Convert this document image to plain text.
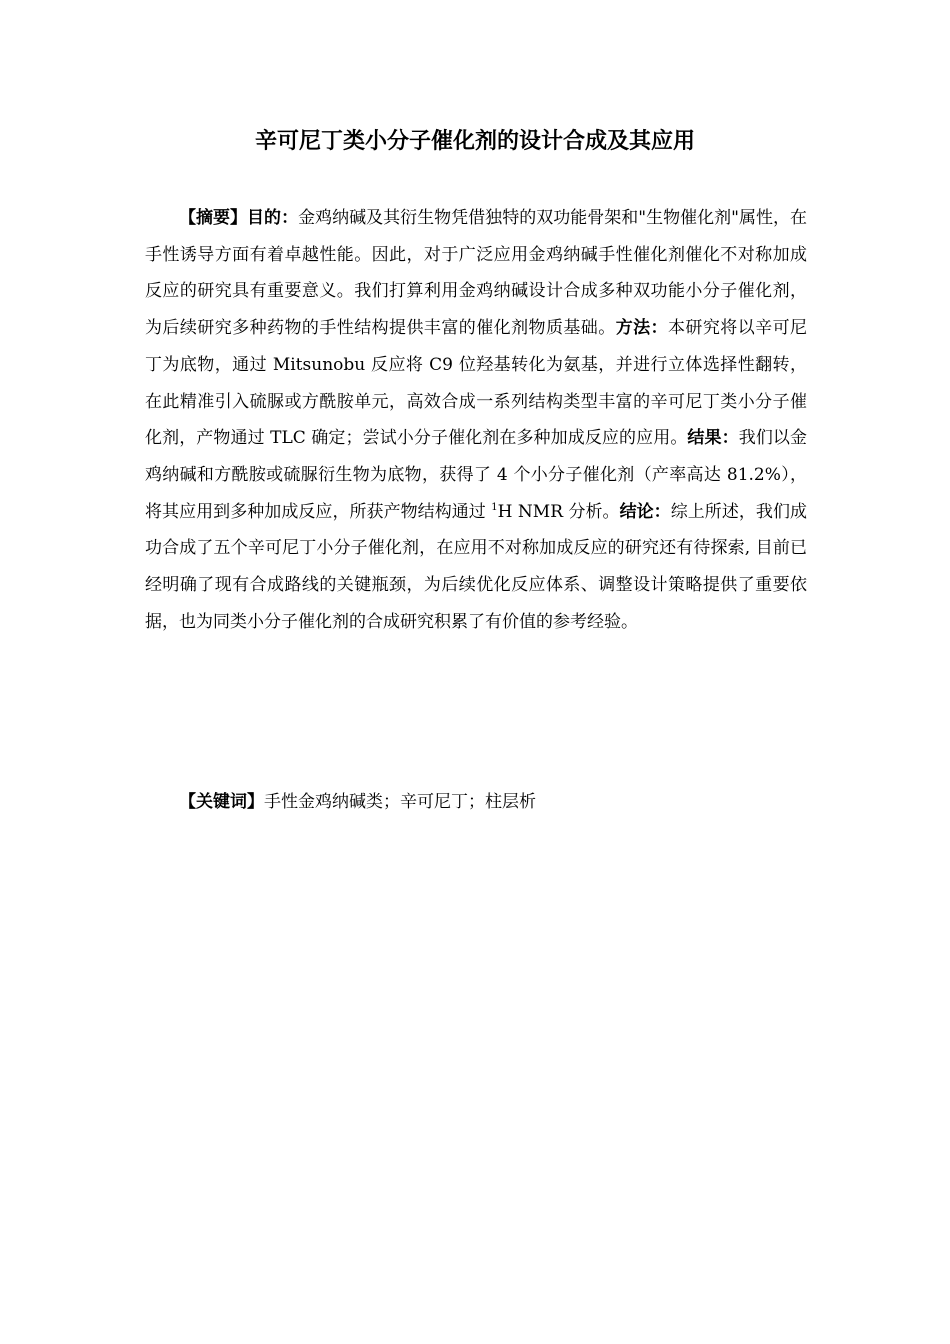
辛可尼丁类小分子催化剂的设计合成及其应用

【摘要】目的：金鸡纳碱及其衍生物凭借独特的双功能骨架和"生物催化剂"属性，在手性诱导方面有着卓越性能。因此，对于广泛应用金鸡纳碱手性催化剂催化不对称加成反应的研究具有重要意义。我们打算利用金鸡纳碱设计合成多种双功能小分子催化剂，为后续研究多种药物的手性结构提供丰富的催化剂物质基础。方法：本研究将以辛可尼丁为底物，通过 Mitsunobu 反应将 C9 位羟基转化为氨基，并进行立体选择性翻转，在此精准引入硫脲或方酰胺单元，高效合成一系列结构类型丰富的辛可尼丁类小分子催化剂，产物通过 TLC 确定；尝试小分子催化剂在多种加成反应的应用。结果：我们以金鸡纳碱和方酰胺或硫脲衍生物为底物，获得了 4 个小分子催化剂（产率高达 81.2%），将其应用到多种加成反应，所获产物结构通过 $^1$H NMR 分析。结论：综上所述，我们成功合成了五个辛可尼丁小分子催化剂，在应用不对称加成反应的研究还有待探索, 目前已经明确了现有合成路线的关键瓶颈，为后续优化反应体系、调整设计策略提供了重要依据，也为同类小分子催化剂的合成研究积累了有价值的参考经验。

【关键词】手性金鸡纳碱类；辛可尼丁；柱层析
